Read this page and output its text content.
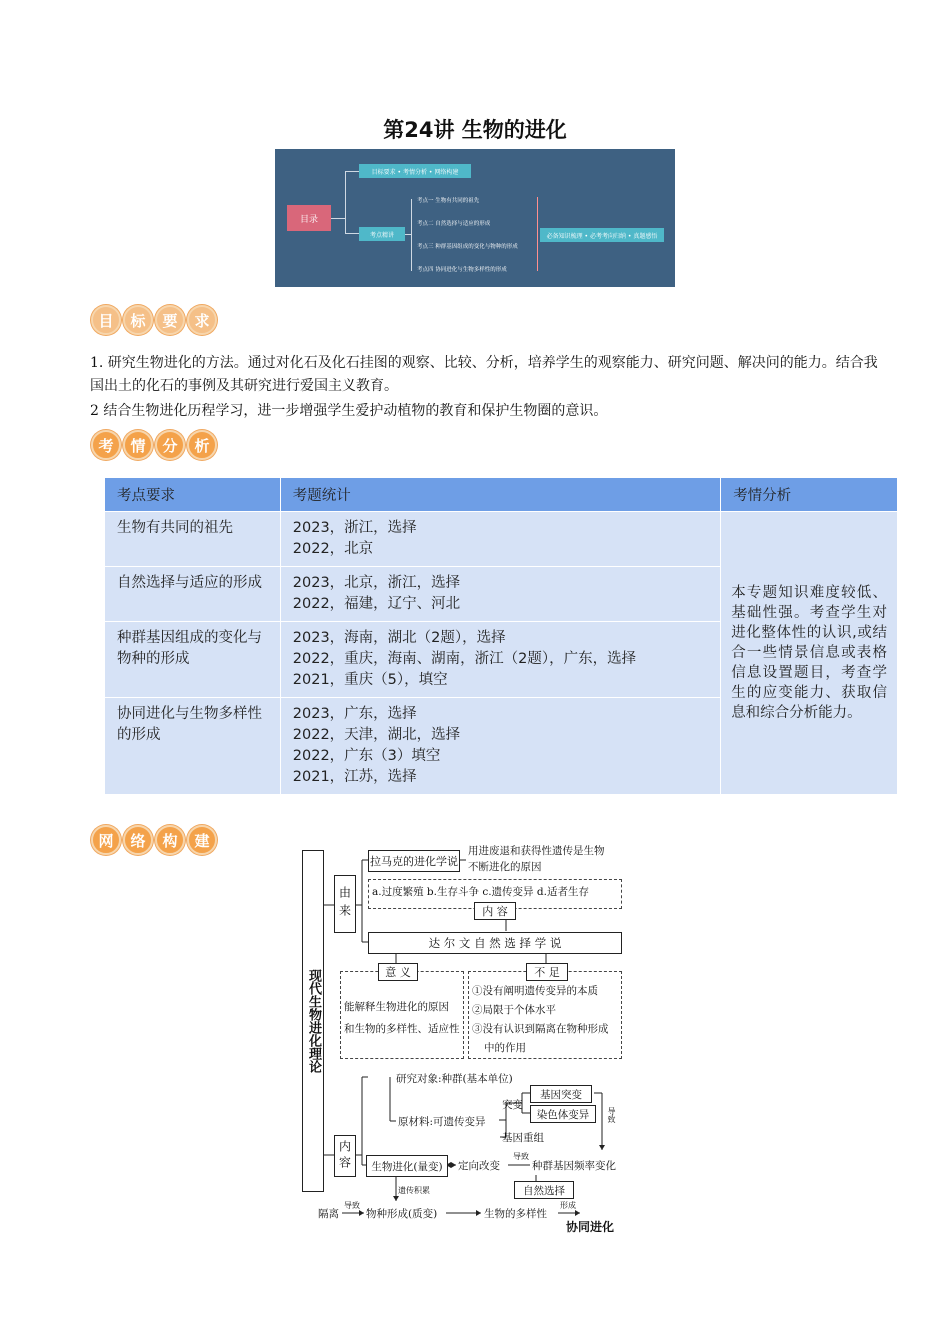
第24讲 生物的进化
目录
目标要求 • 考情分析 • 网络构建
考点精讲
考点一 生物有共同的祖先
考点二 自然选择与适应的形成
考点三 种群基因组成的变化与物种的形成
考点四 协同进化与生物多样性的形成
必备知识梳理 • 必考考向归纳 • 真题感悟
目	标	要	求
1. 研究生物进化的方法。通过对化石及化石挂图的观察、比较、分析，培养学生的观察能力、研究问题、解决问的能力。结合我国出土的化石的事例及其研究进行爱国主义教育。
2 结合生物进化历程学习，进一步增强学生爱护动植物的教育和保护生物圈的意识。
考	情	分	析
考点要求	考题统计	考情分析
生物有共同的祖先	2023，浙江，选择
2022，北京	本专题知识难度较低、基础性强。考查学生对进化整体性的认识,或结合一些情景信息或表格信息设置题目，考查学生的应变能力、获取信息和综合分析能力。
自然选择与适应的形成	2023，北京，浙江，选择
2022，福建，辽宁、河北	

种群基因组成的变化与物种的形成	2023，海南，湖北（2题），选择
2022，重庆，海南、湖南，浙江（2题），广东，选择
2021，重庆（5），填空	

协同进化与生物多样性的形成	2023，广东，选择
2022，天津，湖北，选择
2022，广东（3）填空
2021，江苏，选择	
网	络	构	建
现代生物进化理论
由来
拉马克的进化学说
用进废退和获得性遗传是生物
不断进化的原因
a.过度繁殖 b.生存斗争 c.遗传变异 d.适者生存
内 容
达 尔 文 自 然 选 择 学 说
意 义
能解释生物进化的原因
和生物的多样性、适应性
不 足
①没有阐明遗传变异的本质
②局限于个体水平
③没有认识到隔离在物种形成
中的作用
内容
研究对象:种群(基本单位)
原材料:可遗传变异
突变
基因突变
染色体变异
基因重组
导致
生物进化(量变)	定向改变
导致
种群基因频率变化
自然选择
遗传积累
隔离
导致
物种形成(质变)	生物的多样性
形成
协同进化
